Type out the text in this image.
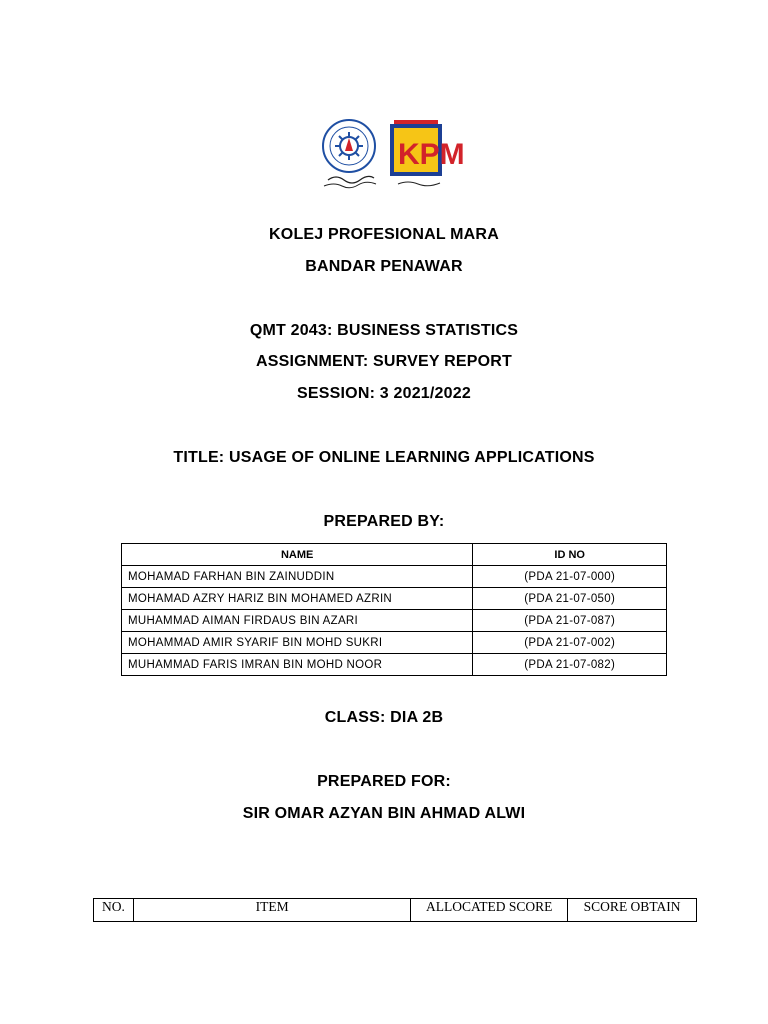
KPM
KOLEJ PROFESIONAL MARA
BANDAR PENAWAR
QMT 2043: BUSINESS STATISTICS
ASSIGNMENT: SURVEY REPORT
SESSION: 3 2021/2022
TITLE: USAGE OF ONLINE LEARNING APPLICATIONS
PREPARED BY:
NAME	ID NO
MOHAMAD FARHAN BIN ZAINUDDIN	(PDA 21-07-000)
MOHAMAD AZRY HARIZ BIN MOHAMED AZRIN	(PDA 21-07-050)
MUHAMMAD AIMAN FIRDAUS BIN AZARI	(PDA 21-07-087)
MOHAMMAD AMIR SYARIF BIN MOHD SUKRI	(PDA 21-07-002)
MUHAMMAD FARIS IMRAN BIN MOHD NOOR	(PDA 21-07-082)
CLASS: DIA 2B
PREPARED FOR:
SIR OMAR AZYAN BIN AHMAD ALWI
NO.	ITEM	ALLOCATED SCORE	SCORE OBTAIN
